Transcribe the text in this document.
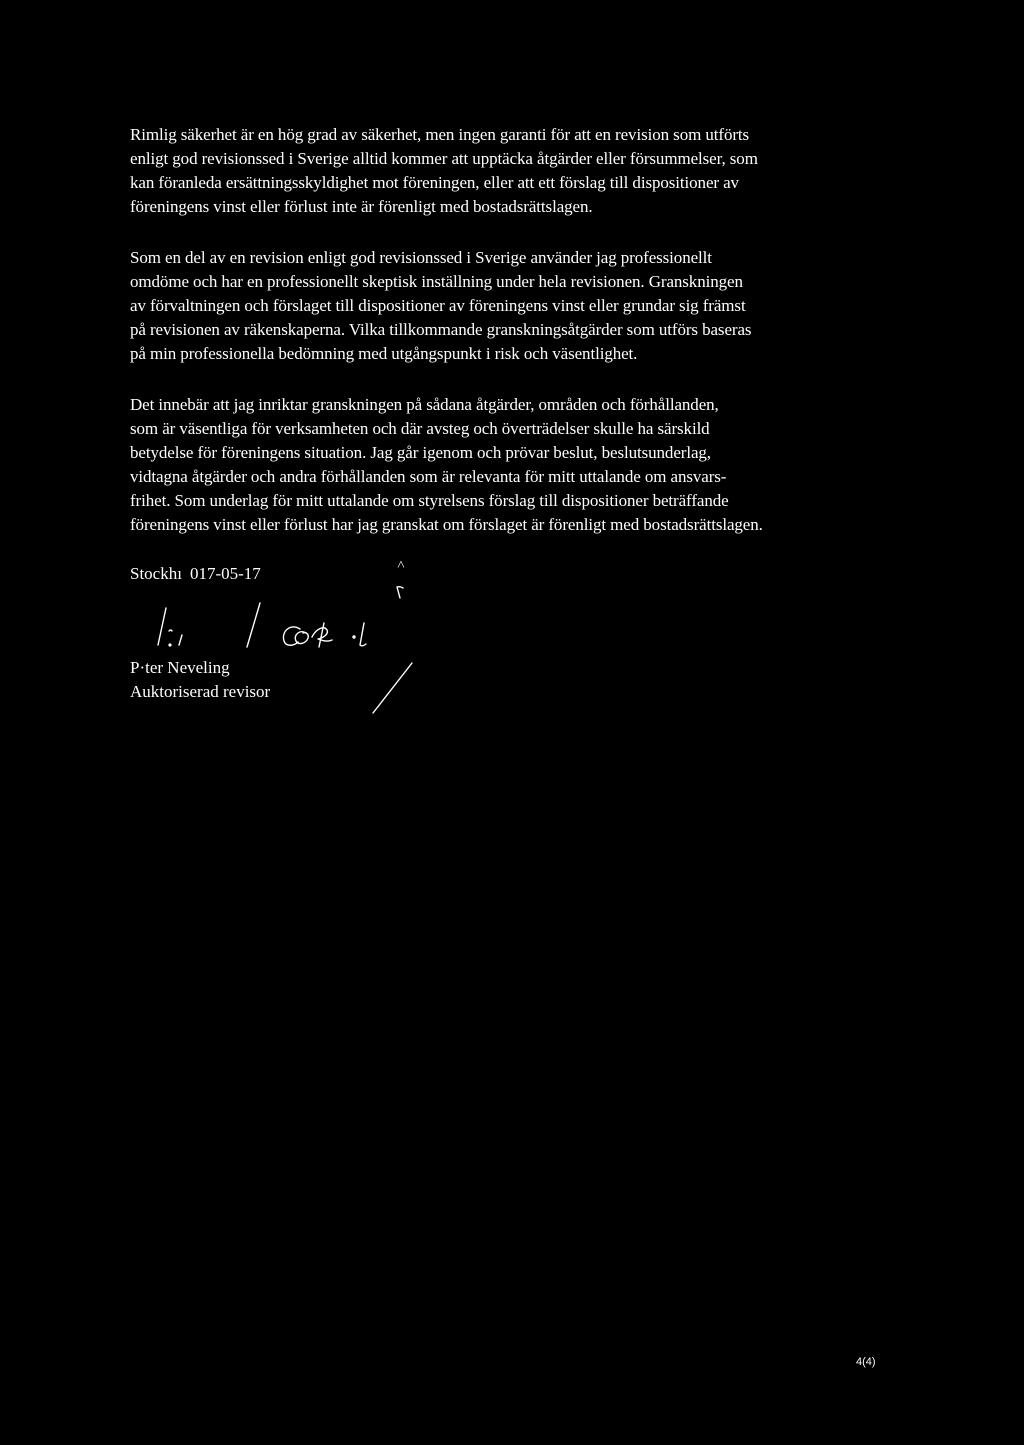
Rimlig säkerhet är en hög grad av säkerhet, men ingen garanti för att en revision som utförts
enligt god revisionssed i Sverige alltid kommer att upptäcka åtgärder eller försummelser, som
kan föranleda ersättningsskyldighet mot föreningen, eller att ett förslag till dispositioner av
föreningens vinst eller förlust inte är förenligt med bostadsrättslagen.
Som en del av en revision enligt god revisionssed i Sverige använder jag professionellt
omdöme och har en professionellt skeptisk inställning under hela revisionen. Granskningen
av förvaltningen och förslaget till dispositioner av föreningens vinst eller grundar sig främst
på revisionen av räkenskaperna. Vilka tillkommande granskningsåtgärder som utförs baseras
på min professionella bedömning med utgångspunkt i risk och väsentlighet.
Det innebär att jag inriktar granskningen på sådana åtgärder, områden och förhållanden,
som är väsentliga för verksamheten och där avsteg och överträdelser skulle ha särskild
betydelse för föreningens situation. Jag går igenom och prövar beslut, beslutsunderlag,
vidtagna åtgärder och andra förhållanden som är relevanta för mitt uttalande om ansvars-
frihet. Som underlag för mitt uttalande om styrelsens förslag till dispositioner beträffande
föreningens vinst eller förlust har jag granskat om förslaget är förenligt med bostadsrättslagen.
Stockhı 017-05-17	˄
P·ter Neveling
Auktoriserad revisor
4(4)
